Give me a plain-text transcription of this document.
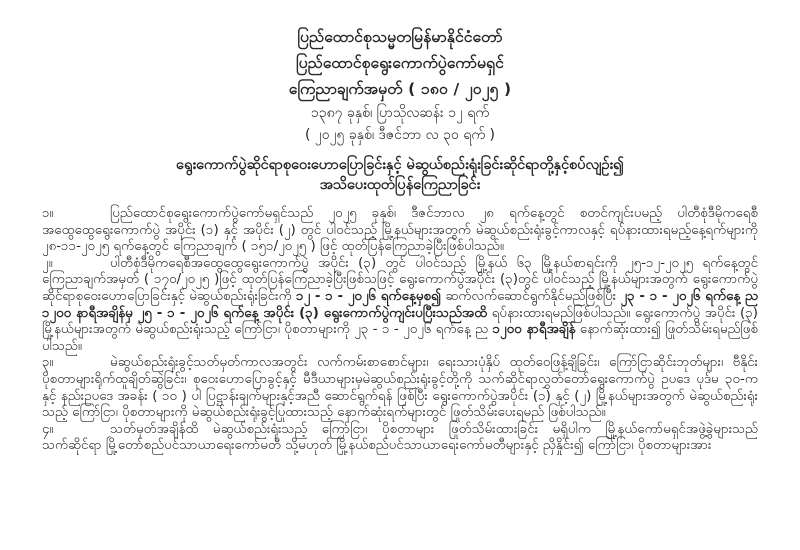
ပြည်ထောင်စုသမ္မတမြန်မာနိုင်ငံတော်
ပြည်ထောင်စုရွေးကောက်ပွဲကော်မရှင်
ကြေညာချက်အမှတ် ( ၁၈၀ / ၂၀၂၅ )
၁၃၈၇ ခုနှစ်၊ ပြာသိုလဆန်း ၁၂ ရက်
( ၂၀၂၅ ခုနှစ်၊ ဒီဇင်ဘာ လ ၃၀ ရက် )
ရွေးကောက်ပွဲဆိုင်ရာစုဝေးဟောပြောခြင်းနှင့် မဲဆွယ်စည်းရုံးခြင်းဆိုင်ရာတို့နှင့်စပ်လျဉ်း၍
အသိပေးထုတ်ပြန်ကြေညာခြင်း
၁။	ပြည်ထောင်စုရွေးကောက်ပွဲကော်မရှင်သည် ၂၀၂၅ ခုနှစ်၊ ဒီဇင်ဘာလ ၂၈ ရက်နေ့တွင် စတင်ကျင်းပမည့် ပါတီစုံဒီမိုကရေစီအထွေထွေရွေးကောက်ပွဲ အပိုင်း (၁) နှင့် အပိုင်း (၂) တွင် ပါဝင်သည့် မြို့နယ်များအတွက် မဲဆွယ်စည်းရုံးခွင့်ကာလနှင့် ရပ်နားထားရမည့်နေ့ရက်များကို ၂၈-၁၁-၂၀၂၅ ရက်နေ့တွင် ကြေညာချက် ( ၁၅၁/၂၀၂၅ ) ဖြင့် ထုတ်ပြန်ကြေညာခဲ့ပြီးဖြစ်ပါသည်။
၂။	ပါတီစုံဒီမိုကရေစီအထွေထွေရွေးကောက်ပွဲ အပိုင်း (၃) တွင် ပါဝင်သည့် မြို့နယ် ၆၃ မြို့နယ်စာရင်းကို ၂၅-၁၂-၂၀၂၅ ရက်နေ့တွင် ကြေညာချက်အမှတ် ( ၁၇၀/၂၀၂၅ )ဖြင့် ထုတ်ပြန်ကြေညာခဲ့ပြီးဖြစ်သဖြင့် ရွေးကောက်ပွဲအပိုင်း (၃)တွင် ပါဝင်သည့် မြို့နယ်များအတွက် ရွေးကောက်ပွဲဆိုင်ရာစုဝေးဟောပြောခြင်းနှင့် မဲဆွယ်စည်းရုံးခြင်းကို ၁၂ - ၁ - ၂၀၂၆ ရက်နေ့မှစ၍ ဆက်လက်ဆောင်ရွက်နိုင်မည်ဖြစ်ပြီး ၂၃ - ၁ - ၂၀၂၆ ရက်နေ့ ည ၁၂၀၀ နာရီအချိန်မှ ၂၅ - ၁ - ၂၀၂၆ ရက်နေ့ အပိုင်း (၃) ရွေးကောက်ပွဲကျင်းပပြီးသည်အထိ ရပ်နားထားရမည်ဖြစ်ပါသည်။ ရွေးကောက်ပွဲ အပိုင်း (၃) မြို့နယ်များအတွက် မဲဆွယ်စည်းရုံးသည့် ကြော်ငြာ၊ ပိုစတာများကို ၂၃ - ၁ - ၂၀၂၆ ရက်နေ့ ည ၁၂၀၀ နာရီအချိန် နောက်ဆုံးထား၍ ဖြုတ်သိမ်းရမည်ဖြစ်ပါသည်။
၃။	မဲဆွယ်စည်းရုံးခွင့်သတ်မှတ်ကာလအတွင်း လက်ကမ်းစာစောင်များ၊ ရေးသားပုံနှိပ် ထုတ်ဝေဖြန့်ချိခြင်း၊ ကြော်ငြာဆိုင်းဘုတ်များ၊ ဗီနိုင်းပိုစတာများရိုက်ထူချိတ်ဆွဲခြင်း၊ စုဝေးဟောပြောခွင့်နှင့် မီဒီယာများမှမဲဆွယ်စည်းရုံးခွင့်တို့ကို သက်ဆိုင်ရာလွှတ်တော်ရွေးကောက်ပွဲ ဥပဒေ ပုဒ်မ ၃၀-က နှင့် နည်းဥပဒေ အခန်း ( ၁၀ ) ပါ ပြဋ္ဌာန်းချက်များနှင့်အညီ ဆောင်ရွက်ရန် ဖြစ်ပြီး ရွေးကောက်ပွဲအပိုင်း (၁) နှင့် (၂) မြို့နယ်များအတွက် မဲဆွယ်စည်းရုံးသည့် ကြော်ငြာ၊ ပိုစတာများကို မဲဆွယ်စည်းရုံးခွင့်ပြုထားသည့် နောက်ဆုံးရက်များတွင် ဖြုတ်သိမ်းပေးရမည် ဖြစ်ပါသည်။
၄။	သတ်မှတ်အချိန်ထိ မဲဆွယ်စည်းရုံးသည့် ကြော်ငြာ၊ ပိုစတာများ ဖြုတ်သိမ်းထားခြင်း မရှိပါက မြို့နယ်ကော်မရှင်အဖွဲ့ခွဲများသည် သက်ဆိုင်ရာ မြို့တော်စည်ပင်သာယာရေးကော်မတီ သို့မဟုတ် မြို့နယ်စည်ပင်သာယာရေးကော်မတီများနှင့် ညှိနှိုင်း၍ ကြော်ငြာ၊ ပိုစတာများအား
